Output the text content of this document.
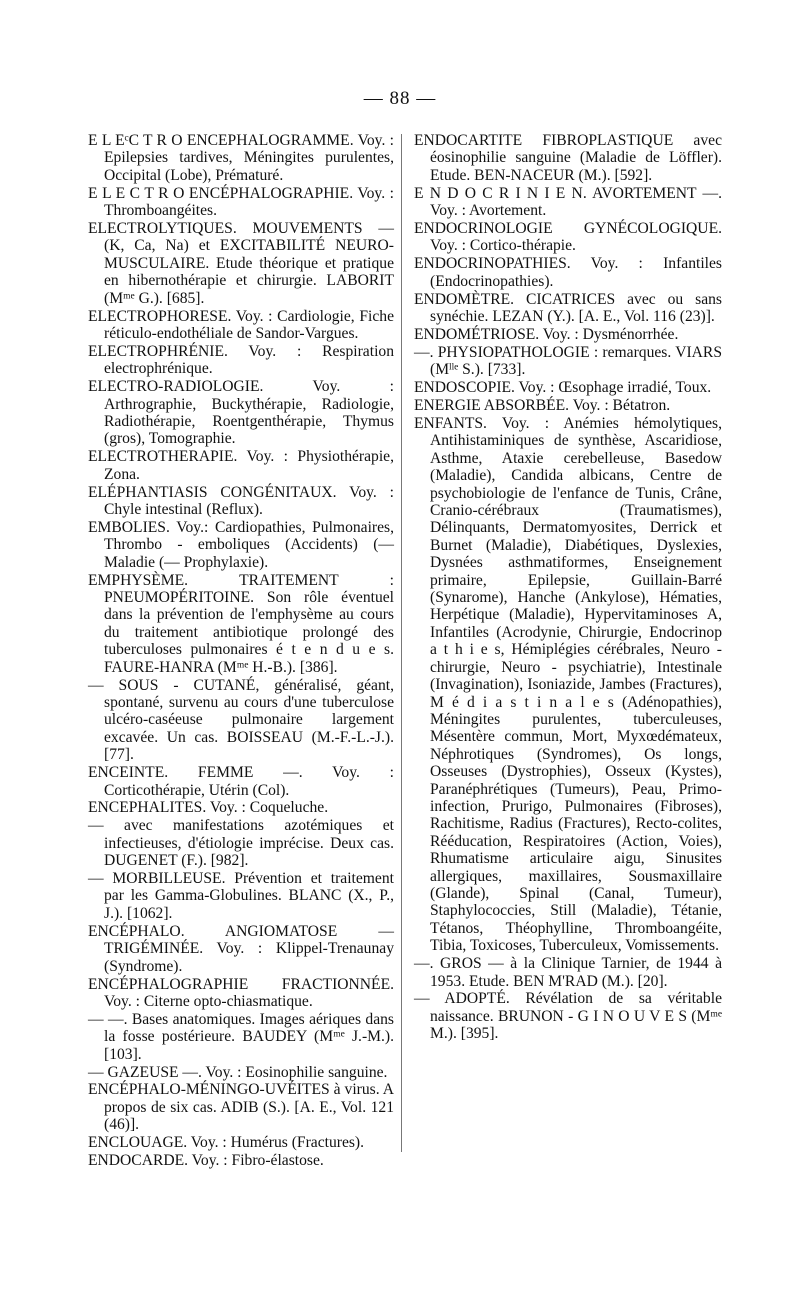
— 88 —

E L EᶜC T R O ENCEPHALOGRAMME. Voy. : Epilepsies tardives, Méningites purulentes, Occipital (Lobe), Prématuré.

E L E C T R O ENCÉPHALOGRAPHIE. Voy. : Thromboangéites.

ELECTROLYTIQUES. MOUVEMENTS — (K, Ca, Na) et EXCITABILITÉ NEURO-MUSCULAIRE. Etude théorique et pratique en hibernothérapie et chirurgie. LABORIT (Mᵐᵉ G.). [685].

ELECTROPHORESE. Voy. : Cardiologie, Fiche réticulo-endothéliale de Sandor-Vargues.

ELECTROPHRÉNIE. Voy. : Respiration electrophrénique.

ELECTRO-RADIOLOGIE. Voy. : Arthrographie, Buckythérapie, Radiologie, Radiothérapie, Roentgenthérapie, Thymus (gros), Tomographie.

ELECTROTHERAPIE. Voy. : Physiothérapie, Zona.

ELÉPHANTIASIS CONGÉNITAUX. Voy. : Chyle intestinal (Reflux).

EMBOLIES. Voy.: Cardiopathies, Pulmonaires, Thrombo - emboliques (Accidents) (— Maladie (— Prophylaxie).

EMPHYSÈME. TRAITEMENT : PNEUMOPÉRITOINE. Son rôle éventuel dans la prévention de l'emphysème au cours du traitement antibiotique prolongé des tuberculoses pulmonaires é t e n d u e s. FAURE-HANRA (Mᵐᵉ H.-B.). [386].

— SOUS - CUTANÉ, généralisé, géant, spontané, survenu au cours d'une tuberculose ulcéro-caséeuse pulmonaire largement excavée. Un cas. BOISSEAU (M.-F.-L.-J.). [77].

ENCEINTE. FEMME —. Voy. : Corticothérapie, Utérin (Col).

ENCEPHALITES. Voy. : Coqueluche.

— avec manifestations azotémiques et infectieuses, d'étiologie imprécise. Deux cas. DUGENET (F.). [982].

— MORBILLEUSE. Prévention et traitement par les Gamma-Globulines. BLANC (X., P., J.). [1062].

ENCÉPHALO. ANGIOMATOSE — TRIGÉMINÉE. Voy. : Klippel-Trenaunay (Syndrome).

ENCÉPHALOGRAPHIE FRACTIONNÉE. Voy. : Citerne opto-chiasmatique.

— —. Bases anatomiques. Images aériques dans la fosse postérieure. BAUDEY (Mᵐᵉ J.-M.). [103].

— GAZEUSE —. Voy. : Eosinophilie sanguine.

ENCÉPHALO-MÉNINGO-UVÉITES à virus. A propos de six cas. ADIB (S.). [A. E., Vol. 121 (46)].

ENCLOUAGE. Voy. : Humérus (Fractures).

ENDOCARDE. Voy. : Fibro-élastose.

ENDOCARTITE FIBROPLASTIQUE avec éosinophilie sanguine (Maladie de Löffler). Etude. BEN-NACEUR (M.). [592].

E N D O C R I N I E N. AVORTEMENT —. Voy. : Avortement.

ENDOCRINOLOGIE GYNÉCOLOGIQUE. Voy. : Cortico-thérapie.

ENDOCRINOPATHIES. Voy. : Infantiles (Endocrinopathies).

ENDOMÈTRE. CICATRICES avec ou sans synéchie. LEZAN (Y.). [A. E., Vol. 116 (23)].

ENDOMÉTRIOSE. Voy. : Dysménorrhée.

—. PHYSIOPATHOLOGIE : remarques. VIARS (Mˡˡᵉ S.). [733].

ENDOSCOPIE. Voy. : Œsophage irradié, Toux.

ENERGIE ABSORBÉE. Voy. : Bétatron.

ENFANTS. Voy. : Anémies hémolytiques, Antihistaminiques de synthèse, Ascaridiose, Asthme, Ataxie cerebelleuse, Basedow (Maladie), Candida albicans, Centre de psychobiologie de l'enfance de Tunis, Crâne, Cranio-cérébraux (Traumatismes), Délinquants, Dermatomyosites, Derrick et Burnet (Maladie), Diabétiques, Dyslexies, Dysnées asthmatiformes, Enseignement primaire, Epilepsie, Guillain-Barré (Synarome), Hanche (Ankylose), Hématies, Herpétique (Maladie), Hypervitaminoses A, Infantiles (Acrodynie, Chirurgie, Endocrinop a t h i e s, Hémiplégies cérébrales, Neuro - chirurgie, Neuro - psychiatrie), Intestinale (Invagination), Isoniazide, Jambes (Fractures), M é d i a s t i n a l e s (Adénopathies), Méningites purulentes, tuberculeuses, Mésentère commun, Mort, Myxœdémateux, Néphrotiques (Syndromes), Os longs, Osseuses (Dystrophies), Osseux (Kystes), Paranéphrétiques (Tumeurs), Peau, Primo-infection, Prurigo, Pulmonaires (Fibroses), Rachitisme, Radius (Fractures), Recto-colites, Rééducation, Respiratoires (Action, Voies), Rhumatisme articulaire aigu, Sinusites allergiques, maxillaires, Sousmaxillaire (Glande), Spinal (Canal, Tumeur), Staphylococcies, Still (Maladie), Tétanie, Tétanos, Théophylline, Thromboangéite, Tibia, Toxicoses, Tuberculeux, Vomissements.

—. GROS — à la Clinique Tarnier, de 1944 à 1953. Etude. BEN M'RAD (M.). [20].

— ADOPTÉ. Révélation de sa véritable naissance. BRUNON - G I N O U V E S (Mᵐᵉ M.). [395].
